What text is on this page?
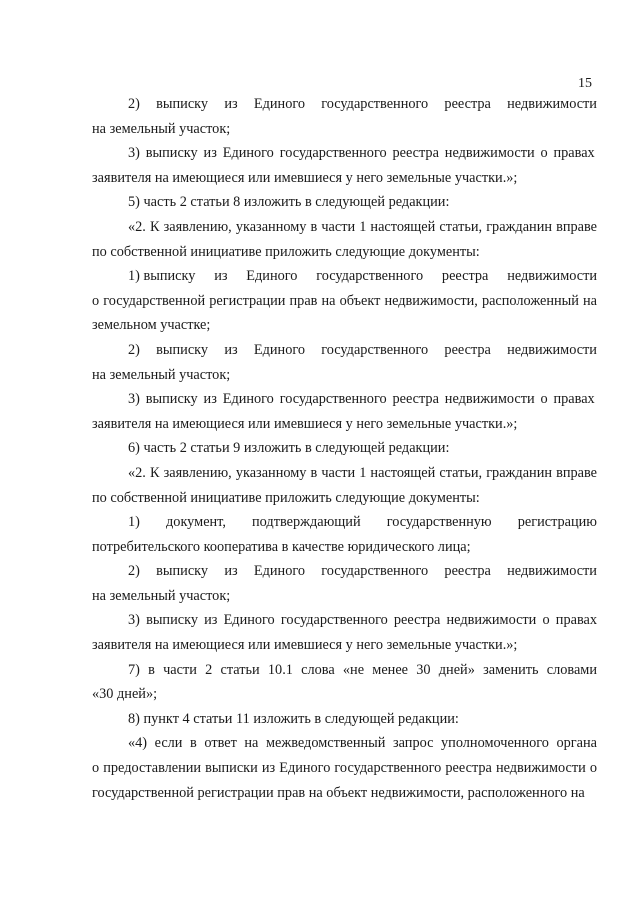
15
2) выписку из Единого государственного реестра недвижимости
на земельный участок;
3) выписку из Единого государственного реестра недвижимости о правах
заявителя на имеющиеся или имевшиеся у него земельные участки.»;
5) часть 2 статьи 8 изложить в следующей редакции:
«2. К заявлению, указанному в части 1 настоящей статьи, гражданин вправе
по собственной инициативе приложить следующие документы:
1) выписку из Единого государственного реестра недвижимости
о государственной регистрации прав на объект недвижимости, расположенный на
земельном участке;
2) выписку из Единого государственного реестра недвижимости
на земельный участок;
3) выписку из Единого государственного реестра недвижимости о правах
заявителя на имеющиеся или имевшиеся у него земельные участки.»;
6) часть 2 статьи 9 изложить в следующей редакции:
«2. К заявлению, указанному в части 1 настоящей статьи, гражданин вправе
по собственной инициативе приложить следующие документы:
1) документ, подтверждающий государственную регистрацию
потребительского кооператива в качестве юридического лица;
2) выписку из Единого государственного реестра недвижимости
на земельный участок;
3) выписку из Единого государственного реестра недвижимости о правах
заявителя на имеющиеся или имевшиеся у него земельные участки.»;
7) в части 2 статьи 10.1 слова «не менее 30 дней» заменить словами
«30 дней»;
8) пункт 4 статьи 11 изложить в следующей редакции:
«4) если в ответ на межведомственный запрос уполномоченного органа
о предоставлении выписки из Единого государственного реестра недвижимости о
государственной регистрации прав на объект недвижимости, расположенного на
